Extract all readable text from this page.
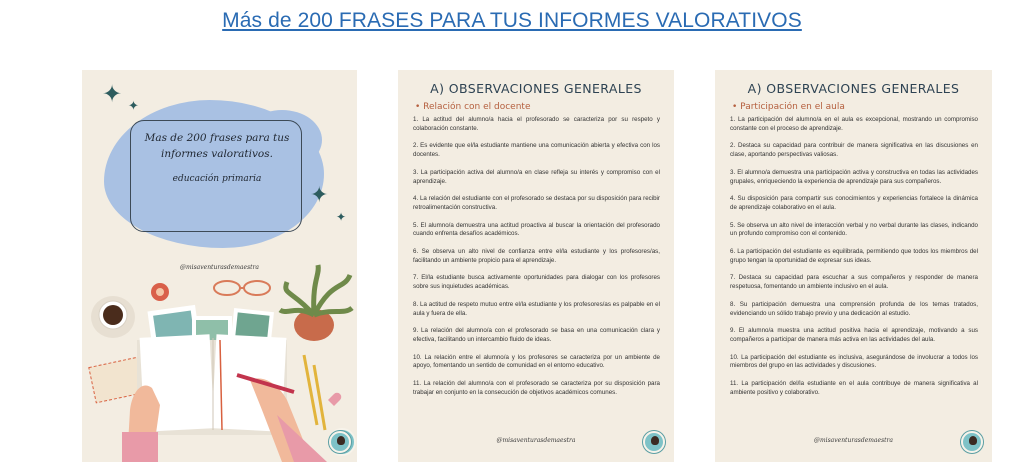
Más de 200 FRASES PARA TUS INFORMES VALORATIVOS
Mas de 200 frases para tus informes valorativos.
educación primaria
✦ ✦
✦
✦
@misaventurasdemaestra
A) OBSERVACIONES GENERALES
• Relación con el docente

1. La actitud del alumno/a hacia el profesorado se caracteriza por su respeto y colaboración constante.

2. Es evidente que el/la estudiante mantiene una comunicación abierta y efectiva con los docentes.

3. La participación activa del alumno/a en clase refleja su interés y compromiso con el aprendizaje.

4. La relación del estudiante con el profesorado se destaca por su disposición para recibir retroalimentación constructiva.

5. El alumno/a demuestra una actitud proactiva al buscar la orientación del profesorado cuando enfrenta desafíos académicos.

6. Se observa un alto nivel de confianza entre el/la estudiante y los profesores/as, facilitando un ambiente propicio para el aprendizaje.

7. El/la estudiante busca activamente oportunidades para dialogar con los profesores sobre sus inquietudes académicas.

8. La actitud de respeto mutuo entre el/la estudiante y los profesores/as es palpable en el aula y fuera de ella.

9. La relación del alumno/a con el profesorado se basa en una comunicación clara y efectiva, facilitando un intercambio fluido de ideas.

10. La relación entre el alumno/a y los profesores se caracteriza por un ambiente de apoyo, fomentando un sentido de comunidad en el entorno educativo.

11. La relación del alumno/a con el profesorado se caracteriza por su disposición para trabajar en conjunto en la consecución de objetivos académicos comunes.

@misaventurasdemaestra
A) OBSERVACIONES GENERALES
• Participación en el aula

1. La participación del alumno/a en el aula es excepcional, mostrando un compromiso constante con el proceso de aprendizaje.

2. Destaca su capacidad para contribuir de manera significativa en las discusiones en clase, aportando perspectivas valiosas.

3. El alumno/a demuestra una participación activa y constructiva en todas las actividades grupales, enriqueciendo la experiencia de aprendizaje para sus compañeros.

4. Su disposición para compartir sus conocimientos y experiencias fortalece la dinámica de aprendizaje colaborativo en el aula.

5. Se observa un alto nivel de interacción verbal y no verbal durante las clases, indicando un profundo compromiso con el contenido.

6. La participación del estudiante es equilibrada, permitiendo que todos los miembros del grupo tengan la oportunidad de expresar sus ideas.

7. Destaca su capacidad para escuchar a sus compañeros y responder de manera respetuosa, fomentando un ambiente inclusivo en el aula.

8. Su participación demuestra una comprensión profunda de los temas tratados, evidenciando un sólido trabajo previo y una dedicación al estudio.

9. El alumno/a muestra una actitud positiva hacia el aprendizaje, motivando a sus compañeros a participar de manera más activa en las actividades del aula.

10. La participación del estudiante es inclusiva, asegurándose de involucrar a todos los miembros del grupo en las actividades y discusiones.

11. La participación del/la estudiante en el aula contribuye de manera significativa al ambiente positivo y colaborativo.

@misaventurasdemaestra
